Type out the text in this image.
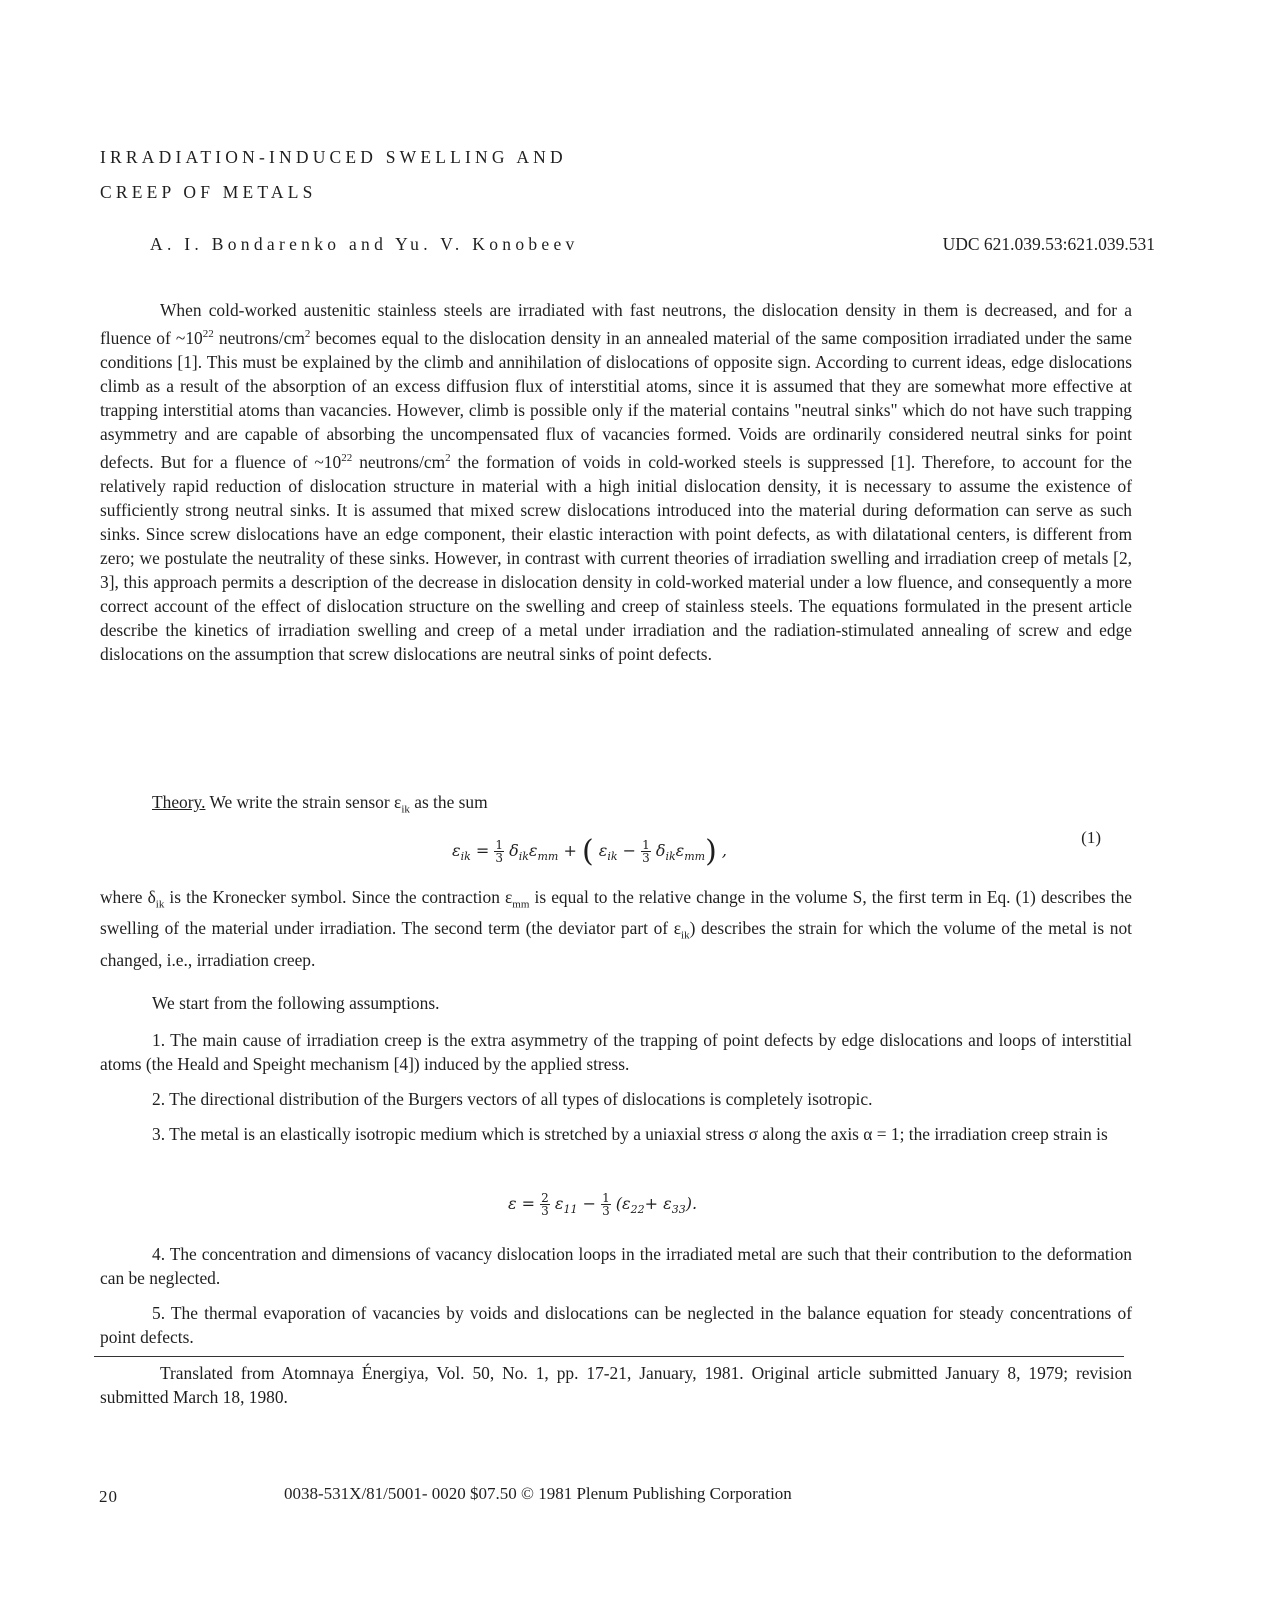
IRRADIATION-INDUCED SWELLING AND
CREEP OF METALS
A. I. Bondarenko and Yu. V. Konobeev	UDC 621.039.53:621.039.531

When cold-worked austenitic stainless steels are irradiated with fast neutrons, the dislocation density in them is decreased, and for a fluence of $\sim 10^{22}$ neutrons/$cm^2$ becomes equal to the dislocation density in an annealed material of the same composition irradiated under the same conditions [1]. This must be explained by the climb and annihilation of dislocations of opposite sign. According to current ideas, edge dislocations climb as a result of the absorption of an excess diffusion flux of interstitial atoms, since it is assumed that they are somewhat more effective at trapping interstitial atoms than vacancies. However, climb is possible only if the material contains "neutral sinks" which do not have such trapping asymmetry and are capable of absorbing the uncompensated flux of vacancies formed. Voids are ordinarily considered neutral sinks for point defects. But for a fluence of $\sim 10^{22}$ neutrons/$cm^2$ the formation of voids in cold-worked steels is suppressed [1]. Therefore, to account for the relatively rapid reduction of dislocation structure in material with a high initial dislocation density, it is necessary to assume the existence of sufficiently strong neutral sinks. It is assumed that mixed screw dislocations introduced into the material during deformation can serve as such sinks. Since screw dislocations have an edge component, their elastic interaction with point defects, as with dilatational centers, is different from zero; we postulate the neutrality of these sinks. However, in contrast with current theories of irradiation swelling and irradiation creep of metals [2, 3], this approach permits a description of the decrease in dislocation density in cold-worked material under a low fluence, and consequently a more correct account of the effect of dislocation structure on the swelling and creep of stainless steels. The equations formulated in the present article describe the kinetics of irradiation swelling and creep of a metal under irradiation and the radiation-stimulated annealing of screw and edge dislocations on the assumption that screw dislocations are neutral sinks of point defects.

Theory. We write the strain sensor $\varepsilon_{ik}$ as the sum

$\varepsilon_{ik} = \frac{1}{3} \delta_{ik}\varepsilon_{mm}$ + ( $\varepsilon_{ik} - \frac{1}{3} \delta_{ik}\varepsilon_{mm}$) ,
(1)

where $\delta_{ik}$ is the Kronecker symbol. Since the contraction $\varepsilon_{mm}$ is equal to the relative change in the volume S, the first term in Eq. (1) describes the swelling of the material under irradiation. The second term (the deviator part of $\varepsilon_{ik}$) describes the strain for which the volume of the metal is not changed, i.e., irradiation creep.

We start from the following assumptions.

1. The main cause of irradiation creep is the extra asymmetry of the trapping of point defects by edge dislocations and loops of interstitial atoms (the Heald and Speight mechanism [4]) induced by the applied stress.

2. The directional distribution of the Burgers vectors of all types of dislocations is completely isotropic.

3. The metal is an elastically isotropic medium which is stretched by a uniaxial stress σ along the axis α = 1; the irradiation creep strain is

$\varepsilon = \frac{2}{3} \varepsilon_{11} - \frac{1}{3} (\varepsilon_{22}+ \varepsilon_{33})$.

4. The concentration and dimensions of vacancy dislocation loops in the irradiated metal are such that their contribution to the deformation can be neglected.

5. The thermal evaporation of vacancies by voids and dislocations can be neglected in the balance equation for steady concentrations of point defects.

Translated from Atomnaya Énergiya, Vol. 50, No. 1, pp. 17-21, January, 1981. Original article submitted January 8, 1979; revision submitted March 18, 1980.

20	0038-531X/81/5001- 0020 $07.50 © 1981 Plenum Publishing Corporation
